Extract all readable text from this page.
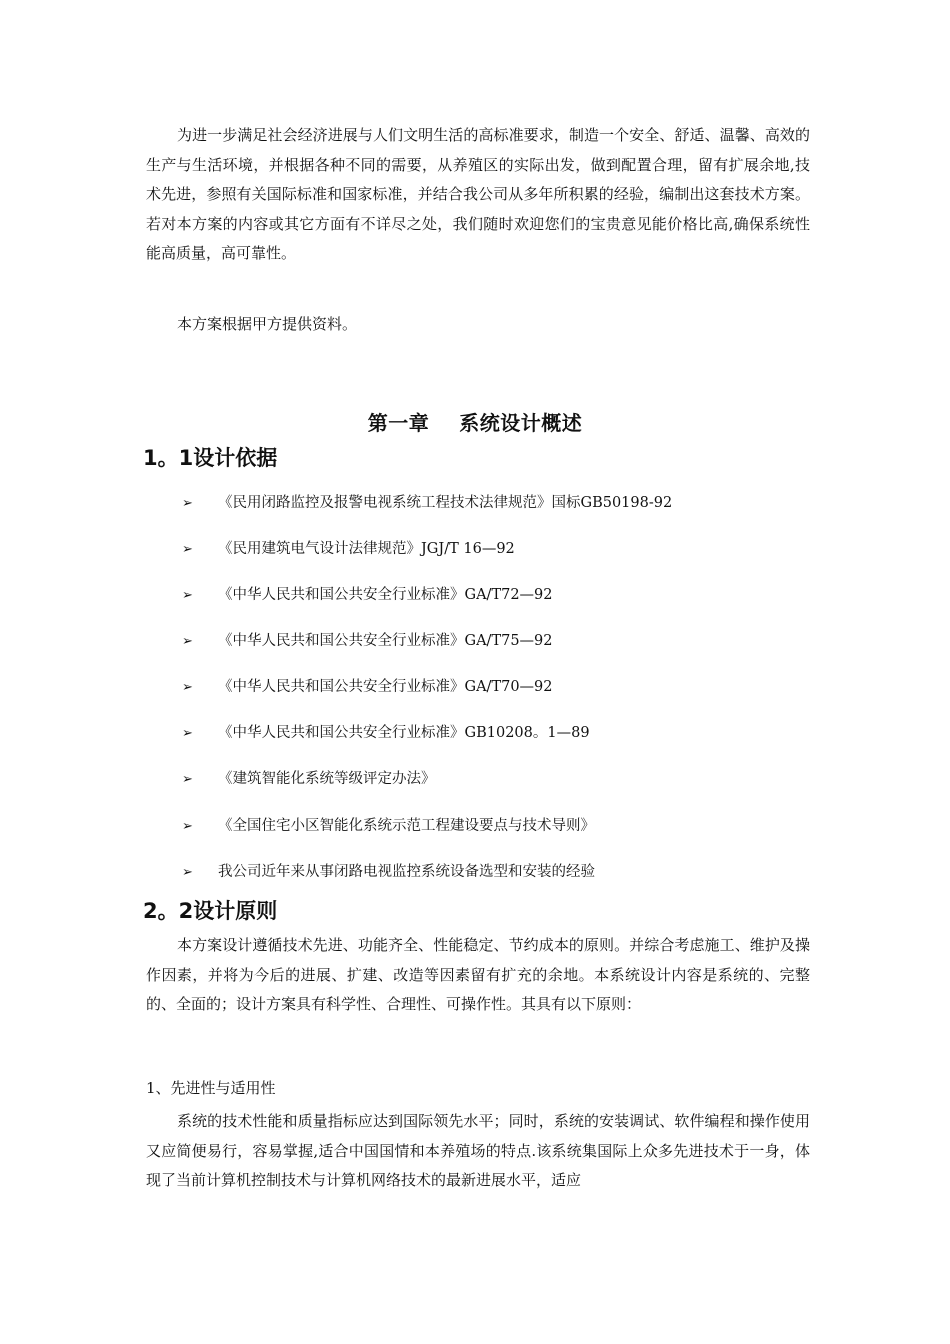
为进一步满足社会经济进展与人们文明生活的高标准要求，制造一个安全、舒适、温馨、高效的生产与生活环境，并根据各种不同的需要，从养殖区的实际出发，做到配置合理，留有扩展余地,技术先进，参照有关国际标准和国家标准，并结合我公司从多年所积累的经验，编制出这套技术方案。若对本方案的内容或其它方面有不详尽之处，我们随时欢迎您们的宝贵意见能价格比高,确保系统性能高质量，高可靠性。

本方案根据甲方提供资料。

第一章 系统设计概述
1。1设计依据
➢ 《民用闭路监控及报警电视系统工程技术法律规范》国标GB50198-92
➢ 《民用建筑电气设计法律规范》JGJ/T 16—92
➢ 《中华人民共和国公共安全行业标准》GA/T72—92
➢ 《中华人民共和国公共安全行业标准》GA/T75—92
➢ 《中华人民共和国公共安全行业标准》GA/T70—92
➢ 《中华人民共和国公共安全行业标准》GB10208。1—89
➢ 《建筑智能化系统等级评定办法》
➢ 《全国住宅小区智能化系统示范工程建设要点与技术导则》
➢ 我公司近年来从事闭路电视监控系统设备选型和安装的经验
2。2设计原则

本方案设计遵循技术先进、功能齐全、性能稳定、节约成本的原则。并综合考虑施工、维护及操作因素，并将为今后的进展、扩建、改造等因素留有扩充的余地。本系统设计内容是系统的、完整的、全面的；设计方案具有科学性、合理性、可操作性。其具有以下原则：

1、先进性与适用性

系统的技术性能和质量指标应达到国际领先水平；同时，系统的安装调试、软件编程和操作使用又应简便易行，容易掌握,适合中国国情和本养殖场的特点.该系统集国际上众多先进技术于一身，体现了当前计算机控制技术与计算机网络技术的最新进展水平，适应
